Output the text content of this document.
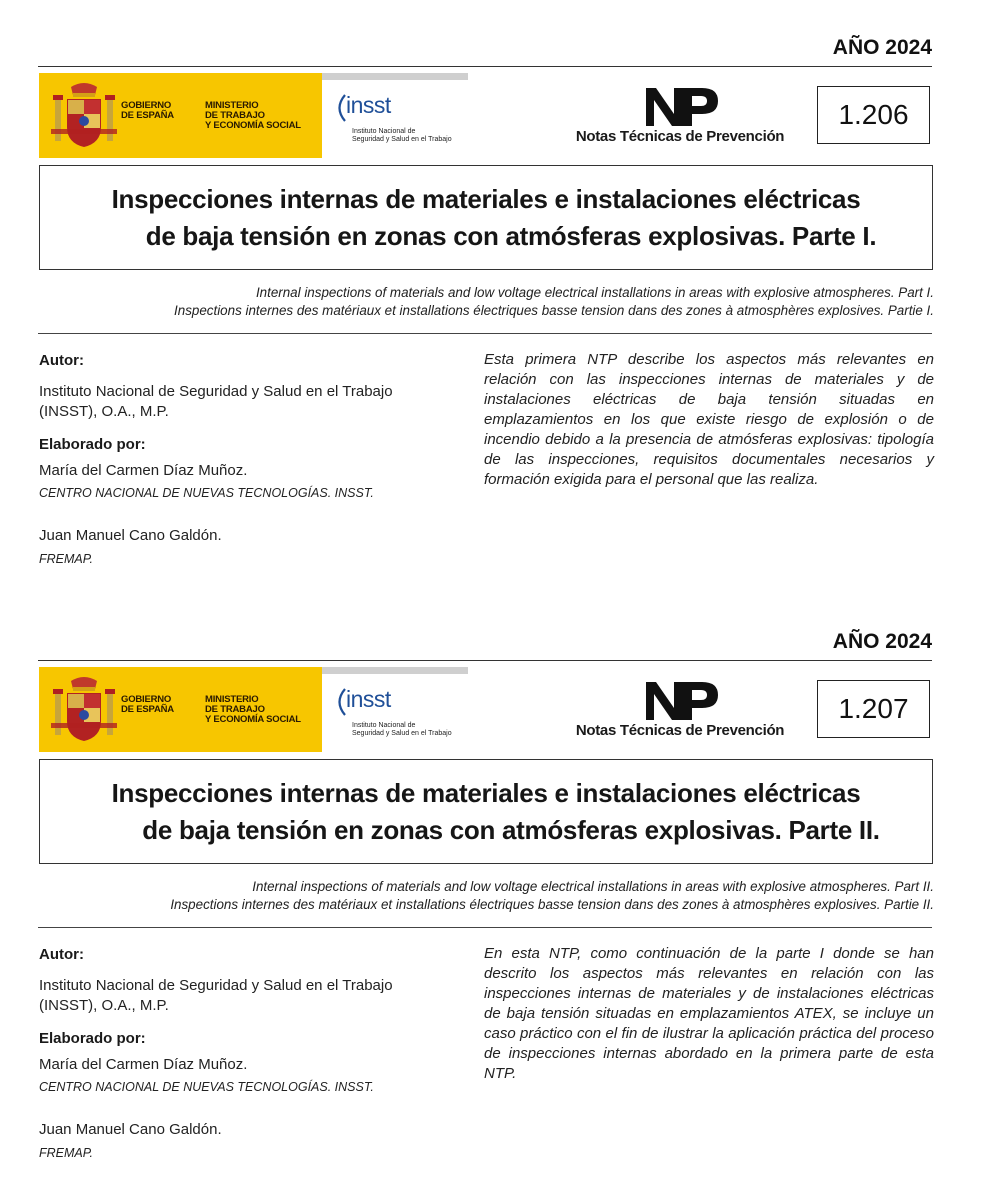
AÑO 2024
GOBIERNO
DE ESPAÑA
MINISTERIO
DE TRABAJO
Y ECONOMÍA SOCIAL
insst
Instituto Nacional de
Seguridad y Salud en el Trabajo	Notas Técnicas de Prevención
1.206
Inspecciones internas de materiales e instalaciones eléctricas
de baja tensión en zonas con atmósferas explosivas. Parte I.
Internal inspections of materials and low voltage electrical installations in areas with explosive atmospheres. Part I.
Inspections internes des matériaux et installations électriques basse tension dans des zones à atmosphères explosives. Partie I.
Autor:
Instituto Nacional de Seguridad y Salud en el Trabajo
(INSST), O.A., M.P.
Elaborado por:
María del Carmen Díaz Muñoz.
CENTRO NACIONAL DE NUEVAS TECNOLOGÍAS. INSST.
Juan Manuel Cano Galdón.
FREMAP.
Esta primera NTP describe los aspectos más relevantes en relación con las inspecciones internas de materiales y de instalaciones eléctricas de baja tensión situadas en emplazamientos en los que existe riesgo de explosión o de incendio debido a la presencia de atmósferas explosivas: tipología de las inspecciones, requisitos documentales necesarios y formación exigida para el personal que las realiza.
AÑO 2024
GOBIERNO
DE ESPAÑA
MINISTERIO
DE TRABAJO
Y ECONOMÍA SOCIAL
insst
Instituto Nacional de
Seguridad y Salud en el Trabajo	Notas Técnicas de Prevención
1.207
Inspecciones internas de materiales e instalaciones eléctricas
de baja tensión en zonas con atmósferas explosivas. Parte II.
Internal inspections of materials and low voltage electrical installations in areas with explosive atmospheres. Part II.
Inspections internes des matériaux et installations électriques basse tension dans des zones à atmosphères explosives. Partie II.
Autor:
Instituto Nacional de Seguridad y Salud en el Trabajo
(INSST), O.A., M.P.
Elaborado por:
María del Carmen Díaz Muñoz.
CENTRO NACIONAL DE NUEVAS TECNOLOGÍAS. INSST.
Juan Manuel Cano Galdón.
FREMAP.
En esta NTP, como continuación de la parte I donde se han descrito los aspectos más relevantes en relación con las inspecciones internas de materiales y de instalaciones eléctricas de baja tensión situadas en emplazamientos ATEX, se incluye un caso práctico con el fin de ilustrar la aplicación práctica del proceso de inspecciones internas abordado en la primera parte de esta NTP.
